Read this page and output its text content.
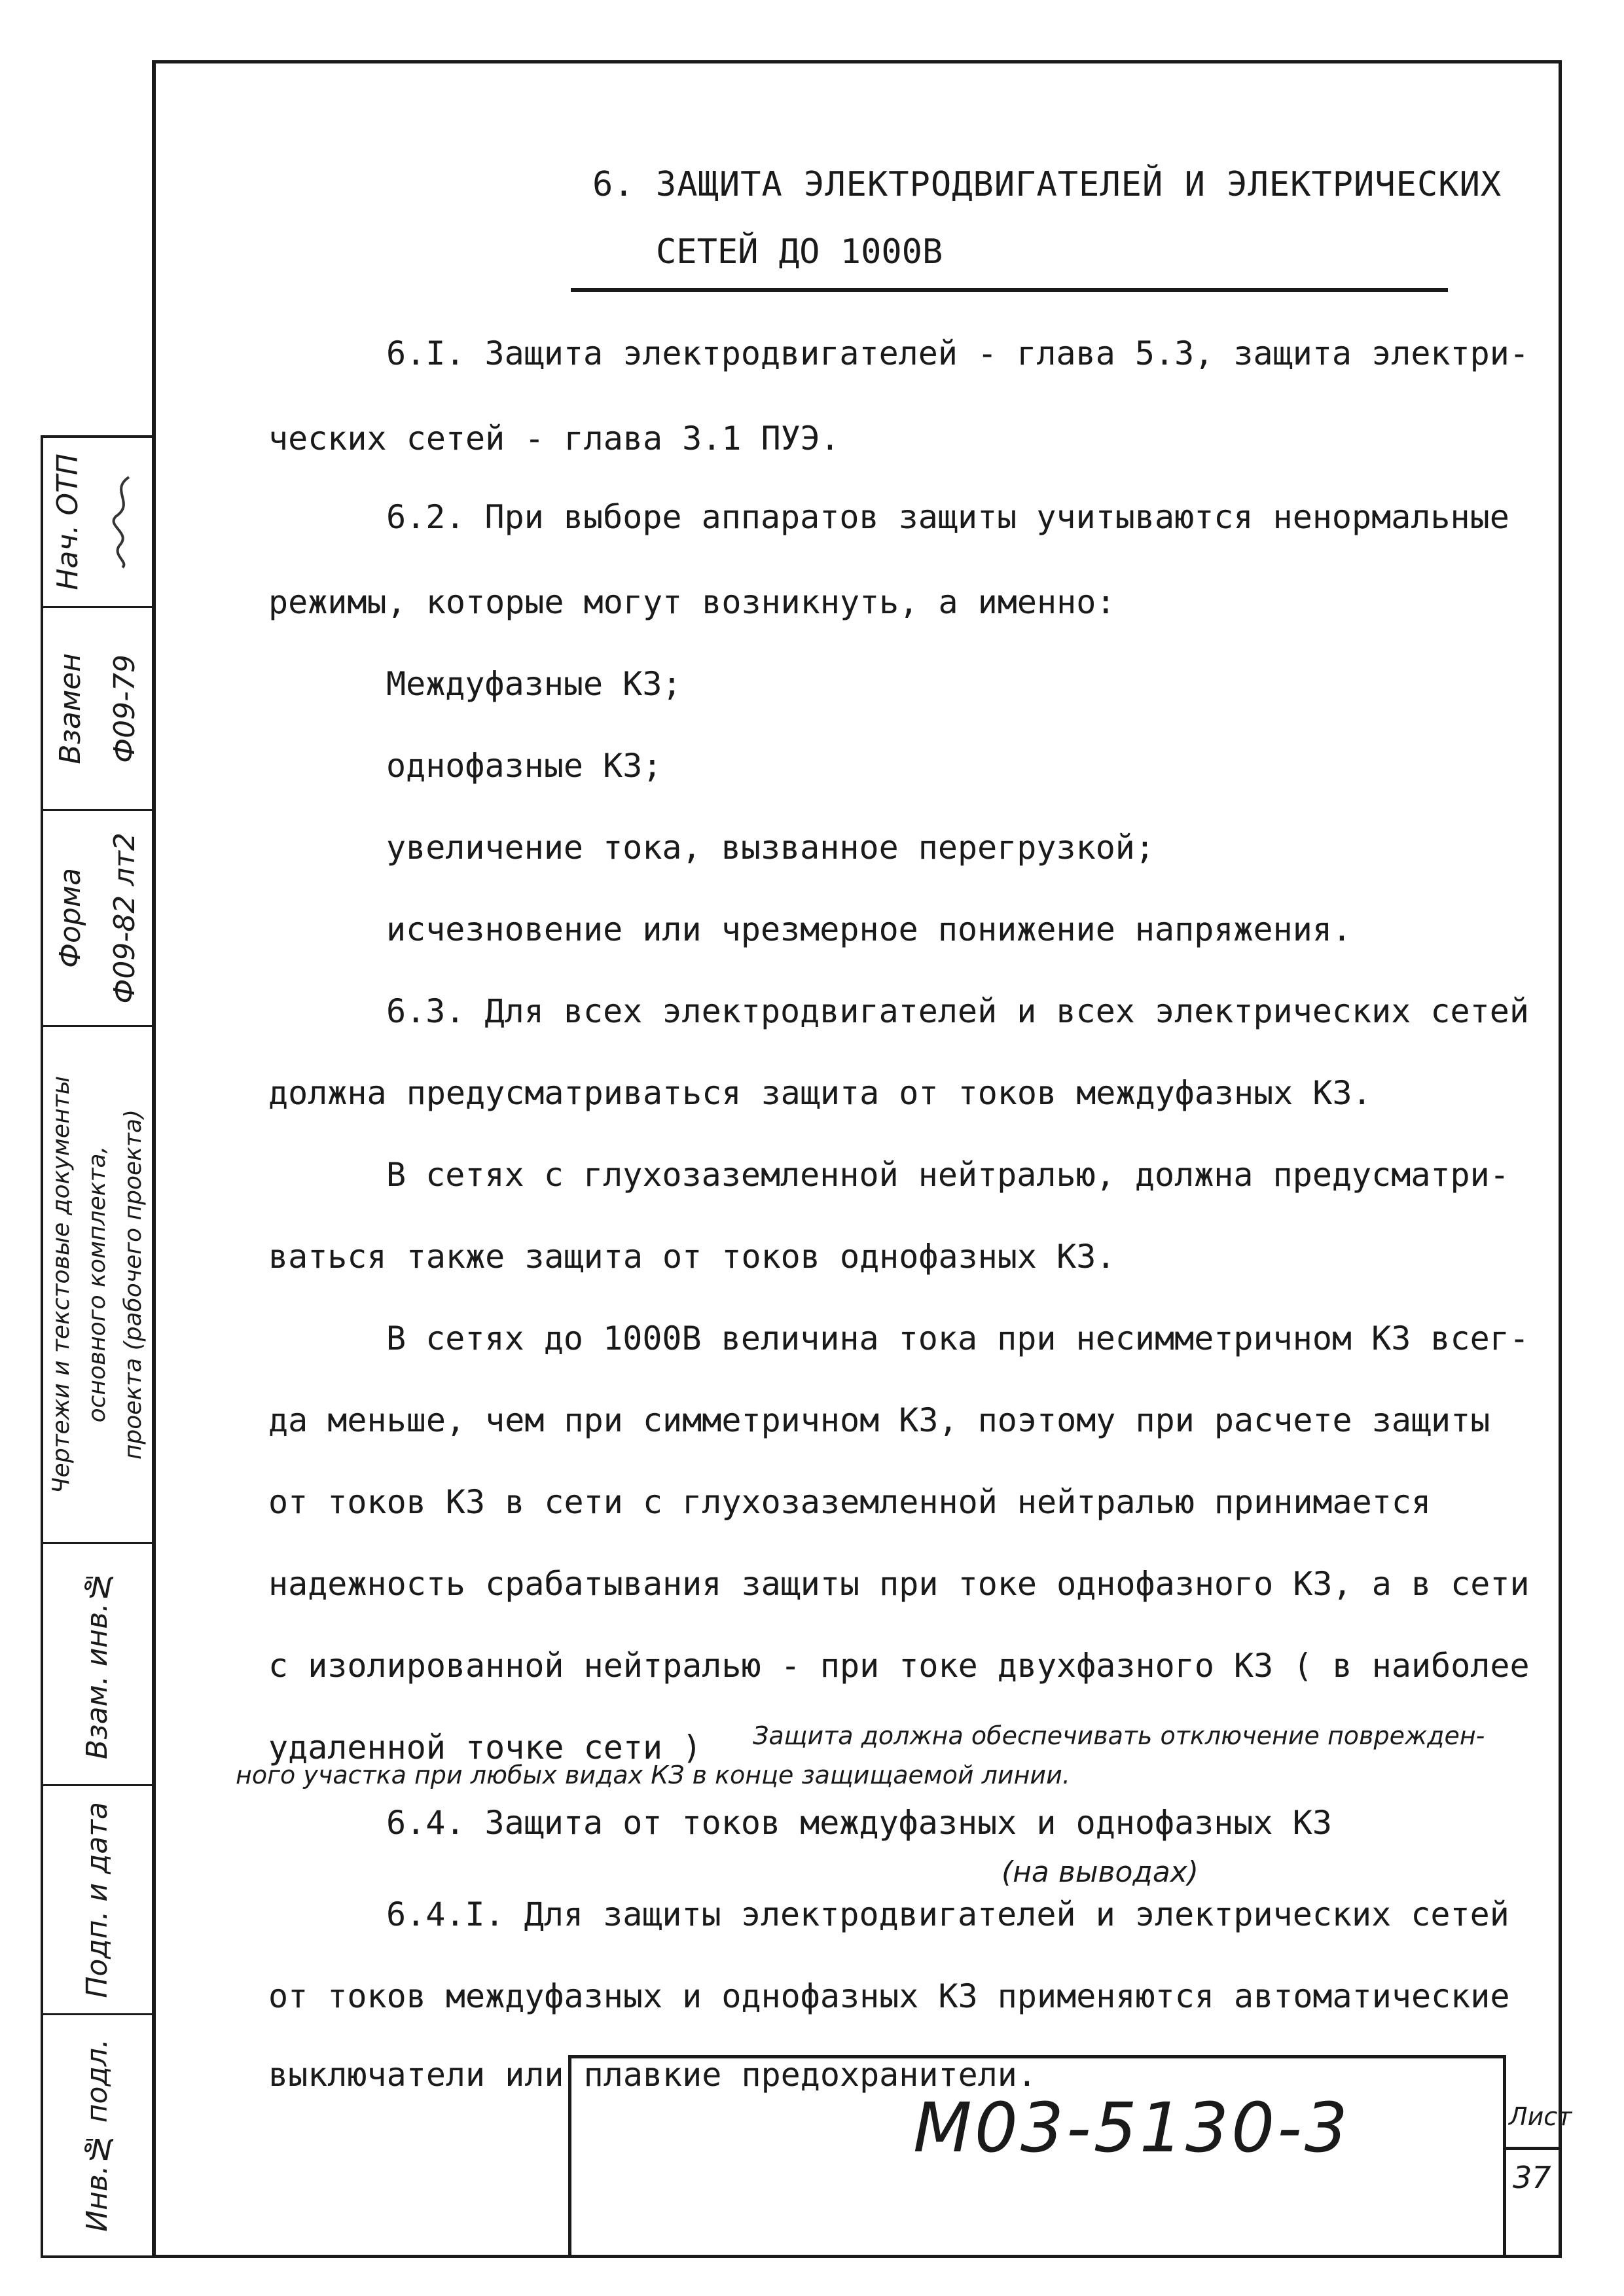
Инв.№ подл.
Подп. и дата
Взам. инв.№
Чертежи и текстовые документы основного комплекта, проекта (рабочего проекта)
Форма Ф09-82 лт2
Взамен Ф09-79
Нач. ОТП
6. ЗАЩИТА ЭЛЕКТРОДВИГАТЕЛЕЙ И ЭЛЕКТРИЧЕСКИХ
СЕТЕЙ ДО 1000В
6.I. Защита электродвигателей - глава 5.3, защита электри-
ческих сетей - глава 3.1 ПУЭ.
6.2. При выборе аппаратов защиты учитываются ненормальные
режимы, которые могут возникнуть, а именно:
Междуфазные КЗ;
однофазные КЗ;
увеличение тока, вызванное перегрузкой;
исчезновение или чрезмерное понижение напряжения.
6.3. Для всех электродвигателей и всех электрических сетей
должна предусматриваться защита от токов междуфазных КЗ.
В сетях с глухозаземленной нейтралью, должна предусматри-
ваться также защита от токов однофазных КЗ.
В сетях до 1000В величина тока при несимметричном КЗ всег-
да меньше, чем при симметричном КЗ, поэтому при расчете защиты
от токов КЗ в сети с глухозаземленной нейтралью принимается
надежность срабатывания защиты при токе однофазного КЗ, а в сети
с изолированной нейтралью - при токе двухфазного КЗ ( в наиболее
удаленной точке сети ) Защита должна обеспечивать отключение поврежден-
ного участка при любых видах КЗ в конце защищаемой линии.
6.4. Защита от токов междуфазных и однофазных КЗ
(на выводах)
6.4.I. Для защиты электродвигателей и электрических сетей
от токов междуфазных и однофазных КЗ применяются автоматические
выключатели или плавкие предохранители.
М03-5130-3	Лист
37
